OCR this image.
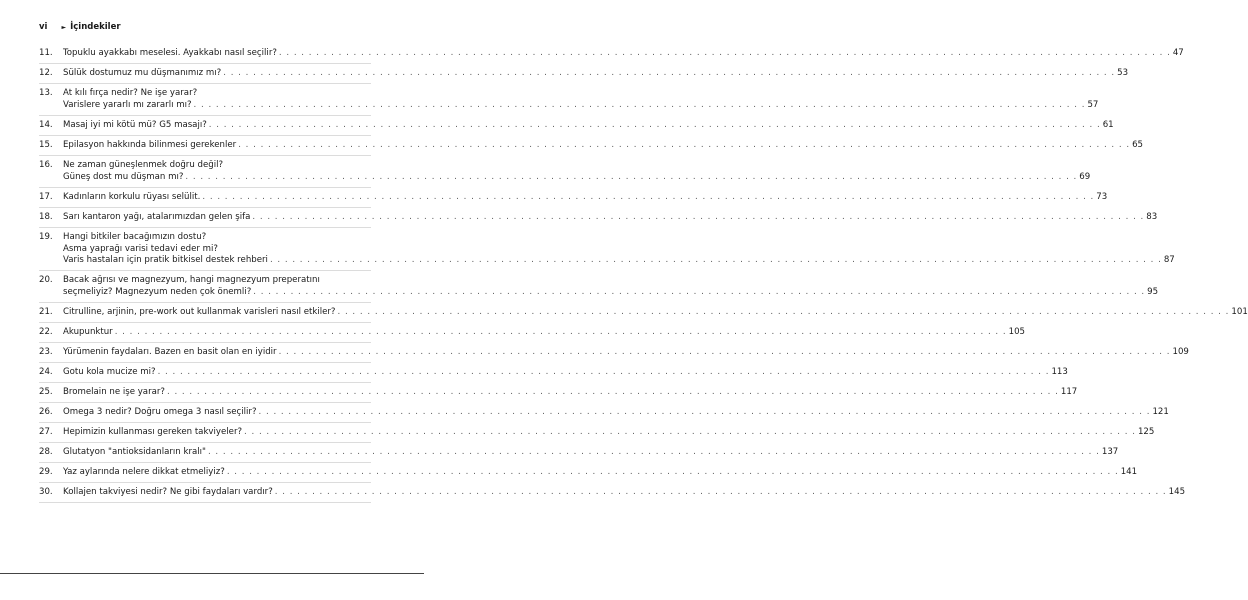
vi ► İçindekiler
11. Topuklu ayakkabı meselesi. Ayakkabı nasıl seçilir? . . . . . . . . . . . . . . . . . . . . . . . . . . . . . . . . . . . . . . . . . . . . . . . . . . . . . . . . . . . . . . . . . . . . . . . . . . . . . . . . . . . . . . . . . . . . . . . . . . . . . . . . . . . . . . . . . . . . . . . . 47
12. Sülük dostumuz mu düşmanımız mı? . . . . . . . . . . . . . . . . . . . . . . . . . . . . . . . . . . . . . . . . . . . . . . . . . . . . . . . . . . . . . . . . . . . . . . . . . . . . . . . . . . . . . . . . . . . . . . . . . . . . . . . . . . . . . . . . . . . . . . . . 53
13. At kılı fırça nedir? Ne işe yarar?
Varislere yararlı mı zararlı mı? . . . . . . . . . . . . . . . . . . . . . . . . . . . . . . . . . . . . . . . . . . . . . . . . . . . . . . . . . . . . . . . . . . . . . . . . . . . . . . . . . . . . . . . . . . . . . . . . . . . . . . . . . . . . . . . . . . . . . . . . 57
14. Masaj iyi mi kötü mü? G5 masajı? . . . . . . . . . . . . . . . . . . . . . . . . . . . . . . . . . . . . . . . . . . . . . . . . . . . . . . . . . . . . . . . . . . . . . . . . . . . . . . . . . . . . . . . . . . . . . . . . . . . . . . . . . . . . . . . . . . . . . . . . 61
15. Epilasyon hakkında bilinmesi gerekenler . . . . . . . . . . . . . . . . . . . . . . . . . . . . . . . . . . . . . . . . . . . . . . . . . . . . . . . . . . . . . . . . . . . . . . . . . . . . . . . . . . . . . . . . . . . . . . . . . . . . . . . . . . . . . . . . . . . . . . . . 65
16. Ne zaman güneşlenmek doğru değil?
Güneş dost mu düşman mı? . . . . . . . . . . . . . . . . . . . . . . . . . . . . . . . . . . . . . . . . . . . . . . . . . . . . . . . . . . . . . . . . . . . . . . . . . . . . . . . . . . . . . . . . . . . . . . . . . . . . . . . . . . . . . . . . . . . . . . . . 69
17. Kadınların korkulu rüyası selülit. . . . . . . . . . . . . . . . . . . . . . . . . . . . . . . . . . . . . . . . . . . . . . . . . . . . . . . . . . . . . . . . . . . . . . . . . . . . . . . . . . . . . . . . . . . . . . . . . . . . . . . . . . . . . . . . . . . . . . . . . 73
18. Sarı kantaron yağı, atalarımızdan gelen şifa . . . . . . . . . . . . . . . . . . . . . . . . . . . . . . . . . . . . . . . . . . . . . . . . . . . . . . . . . . . . . . . . . . . . . . . . . . . . . . . . . . . . . . . . . . . . . . . . . . . . . . . . . . . . . . . . . . . . . . . . 83
19. Hangi bitkiler bacağımızın dostu?
Asma yaprağı varisi tedavi eder mi?
Varis hastaları için pratik bitkisel destek rehberi . . . . . . . . . . . . . . . . . . . . . . . . . . . . . . . . . . . . . . . . . . . . . . . . . . . . . . . . . . . . . . . . . . . . . . . . . . . . . . . . . . . . . . . . . . . . . . . . . . . . . . . . . . . . . . . . . . . . . . . . 87
20. Bacak ağrısı ve magnezyum, hangi magnezyum preperatını
seçmeliyiz? Magnezyum neden çok önemli? . . . . . . . . . . . . . . . . . . . . . . . . . . . . . . . . . . . . . . . . . . . . . . . . . . . . . . . . . . . . . . . . . . . . . . . . . . . . . . . . . . . . . . . . . . . . . . . . . . . . . . . . . . . . . . . . . . . . . . . . 95
21. Citrulline, arjinin, pre-work out kullanmak varisleri nasıl etkiler? . . . . . . . . . . . . . . . . . . . . . . . . . . . . . . . . . . . . . . . . . . . . . . . . . . . . . . . . . . . . . . . . . . . . . . . . . . . . . . . . . . . . . . . . . . . . . . . . . . . . . . . . . . . . . . . . . . . . . . . . 101
22. Akupunktur . . . . . . . . . . . . . . . . . . . . . . . . . . . . . . . . . . . . . . . . . . . . . . . . . . . . . . . . . . . . . . . . . . . . . . . . . . . . . . . . . . . . . . . . . . . . . . . . . . . . . . . . . . . . . . . . . . . . . . . . 105
23. Yürümenin faydaları. Bazen en basit olan en iyidir . . . . . . . . . . . . . . . . . . . . . . . . . . . . . . . . . . . . . . . . . . . . . . . . . . . . . . . . . . . . . . . . . . . . . . . . . . . . . . . . . . . . . . . . . . . . . . . . . . . . . . . . . . . . . . . . . . . . . . . . 109
24. Gotu kola mucize mi? . . . . . . . . . . . . . . . . . . . . . . . . . . . . . . . . . . . . . . . . . . . . . . . . . . . . . . . . . . . . . . . . . . . . . . . . . . . . . . . . . . . . . . . . . . . . . . . . . . . . . . . . . . . . . . . . . . . . . . . . 113
25. Bromelain ne işe yarar? . . . . . . . . . . . . . . . . . . . . . . . . . . . . . . . . . . . . . . . . . . . . . . . . . . . . . . . . . . . . . . . . . . . . . . . . . . . . . . . . . . . . . . . . . . . . . . . . . . . . . . . . . . . . . . . . . . . . . . . . 117
26. Omega 3 nedir? Doğru omega 3 nasıl seçilir? . . . . . . . . . . . . . . . . . . . . . . . . . . . . . . . . . . . . . . . . . . . . . . . . . . . . . . . . . . . . . . . . . . . . . . . . . . . . . . . . . . . . . . . . . . . . . . . . . . . . . . . . . . . . . . . . . . . . . . . . 121
27. Hepimizin kullanması gereken takviyeler? . . . . . . . . . . . . . . . . . . . . . . . . . . . . . . . . . . . . . . . . . . . . . . . . . . . . . . . . . . . . . . . . . . . . . . . . . . . . . . . . . . . . . . . . . . . . . . . . . . . . . . . . . . . . . . . . . . . . . . . . 125
28. Glutatyon "antioksidanların kralı" . . . . . . . . . . . . . . . . . . . . . . . . . . . . . . . . . . . . . . . . . . . . . . . . . . . . . . . . . . . . . . . . . . . . . . . . . . . . . . . . . . . . . . . . . . . . . . . . . . . . . . . . . . . . . . . . . . . . . . . . 137
29. Yaz aylarında nelere dikkat etmeliyiz? . . . . . . . . . . . . . . . . . . . . . . . . . . . . . . . . . . . . . . . . . . . . . . . . . . . . . . . . . . . . . . . . . . . . . . . . . . . . . . . . . . . . . . . . . . . . . . . . . . . . . . . . . . . . . . . . . . . . . . . . 141
30. Kollajen takviyesi nedir? Ne gibi faydaları vardır? . . . . . . . . . . . . . . . . . . . . . . . . . . . . . . . . . . . . . . . . . . . . . . . . . . . . . . . . . . . . . . . . . . . . . . . . . . . . . . . . . . . . . . . . . . . . . . . . . . . . . . . . . . . . . . . . . . . . . . . . 145
